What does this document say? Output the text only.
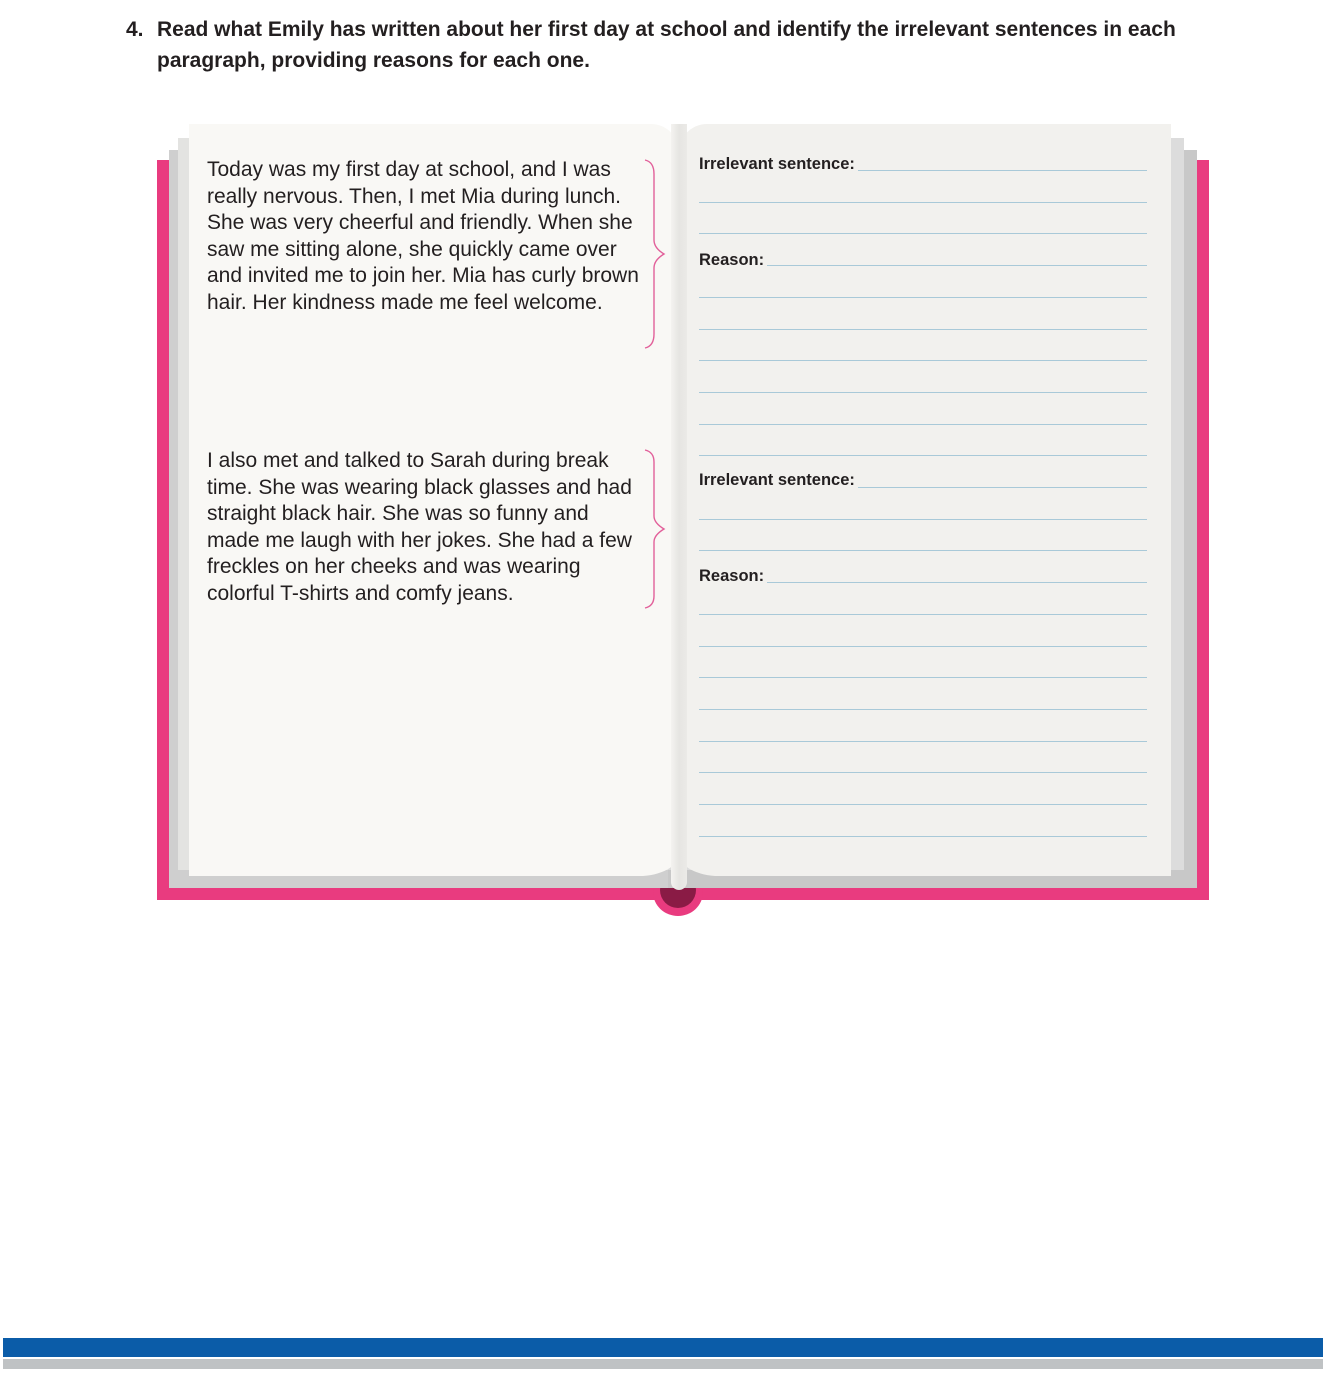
4. Read what Emily has written about her first day at school and identify the irrelevant sentences in each paragraph, providing reasons for each one.

Today was my first day at school, and I was really nervous. Then, I met Mia during lunch. She was very cheerful and friendly. When she saw me sitting alone, she quickly came over and invited me to join her. Mia has curly brown hair. Her kindness made me feel welcome.

I also met and talked to Sarah during break time. She was wearing black glasses and had straight black hair. She was so funny and made me laugh with her jokes. She had a few freckles on her cheeks and was wearing colorful T-shirts and comfy jeans.

Irrelevant sentence:
Reason:
Irrelevant sentence:
Reason:
